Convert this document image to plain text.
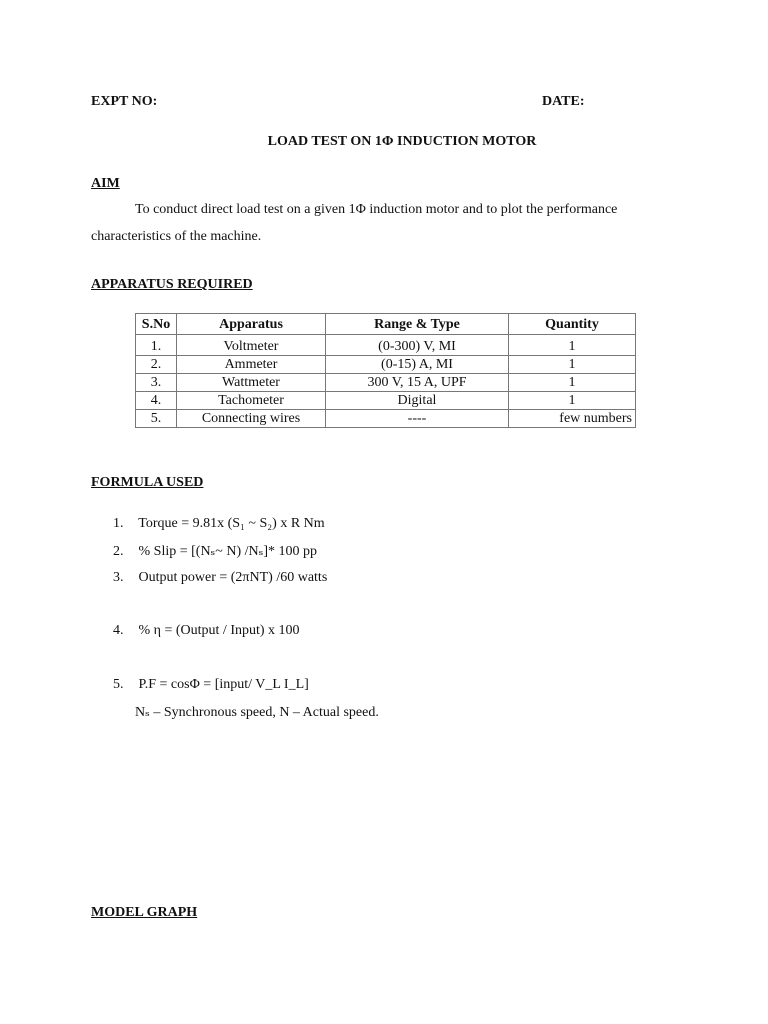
EXPT NO:	DATE:
LOAD TEST ON 1Φ INDUCTION MOTOR
AIM
To conduct direct load test on a given 1Φ induction motor and to plot the performance
characteristics of the machine.
APPARATUS REQUIRED
S.No	Apparatus	Range & Type	Quantity
1.	Voltmeter	(0-300) V, MI	1
2.	Ammeter	(0-15) A, MI	1
3.	Wattmeter	300 V, 15 A, UPF	1
4.	Tachometer	Digital	1
5.	Connecting wires	----	few numbers
FORMULA USED
1. Torque = 9.81x (S₁ ~ S₂) x R Nm
2. % Slip = [(Nₛ~ N) /Nₛ]* 100 pp
3. Output power = (2πNT) /60 watts
4. % η = (Output / Input) x 100
5. P.F = cosΦ = [input/ V_L I_L]
Nₛ – Synchronous speed, N – Actual speed.
MODEL GRAPH
